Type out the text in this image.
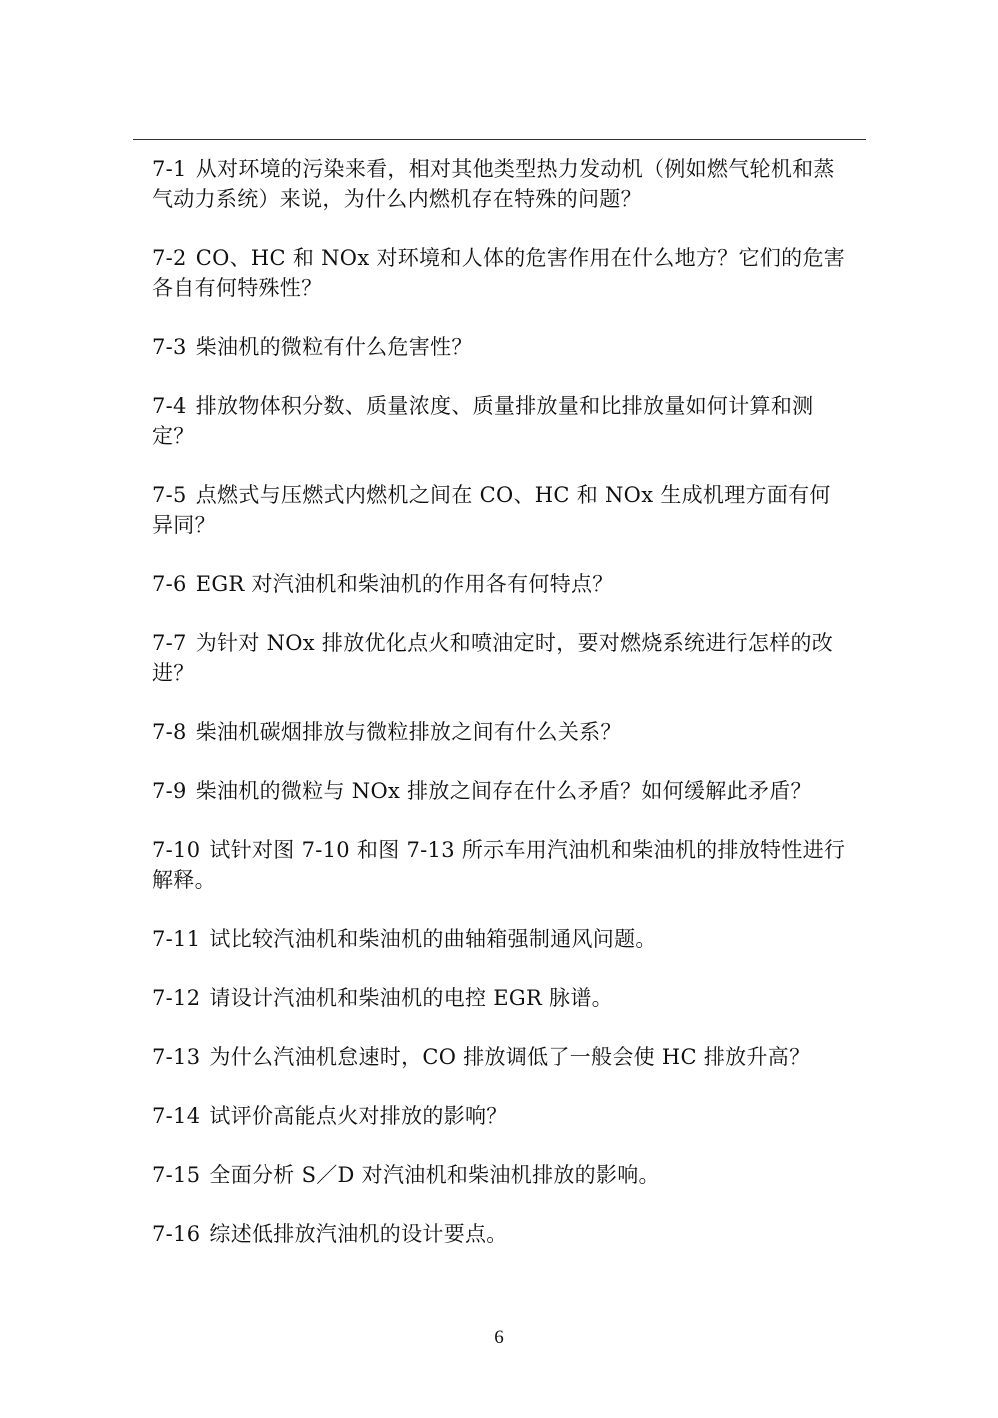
7-1 从对环境的污染来看，相对其他类型热力发动机（例如燃气轮机和蒸气动力系统）来说，为什么内燃机存在特殊的问题？
7-2 CO、HC 和 NOx 对环境和人体的危害作用在什么地方？它们的危害各自有何特殊性？
7-3 柴油机的微粒有什么危害性？
7-4 排放物体积分数、质量浓度、质量排放量和比排放量如何计算和测定？
7-5 点燃式与压燃式内燃机之间在 CO、HC 和 NOx 生成机理方面有何异同？
7-6 EGR 对汽油机和柴油机的作用各有何特点？
7-7 为针对 NOx 排放优化点火和喷油定时，要对燃烧系统进行怎样的改进？
7-8 柴油机碳烟排放与微粒排放之间有什么关系？
7-9 柴油机的微粒与 NOx 排放之间存在什么矛盾？如何缓解此矛盾？
7-10 试针对图 7-10 和图 7-13 所示车用汽油机和柴油机的排放特性进行解释。
7-11 试比较汽油机和柴油机的曲轴箱强制通风问题。
7-12 请设计汽油机和柴油机的电控 EGR 脉谱。
7-13 为什么汽油机怠速时，CO 排放调低了一般会使 HC 排放升高？
7-14 试评价高能点火对排放的影响？
7-15 全面分析 S／D 对汽油机和柴油机排放的影响。
7-16 综述低排放汽油机的设计要点。
6
